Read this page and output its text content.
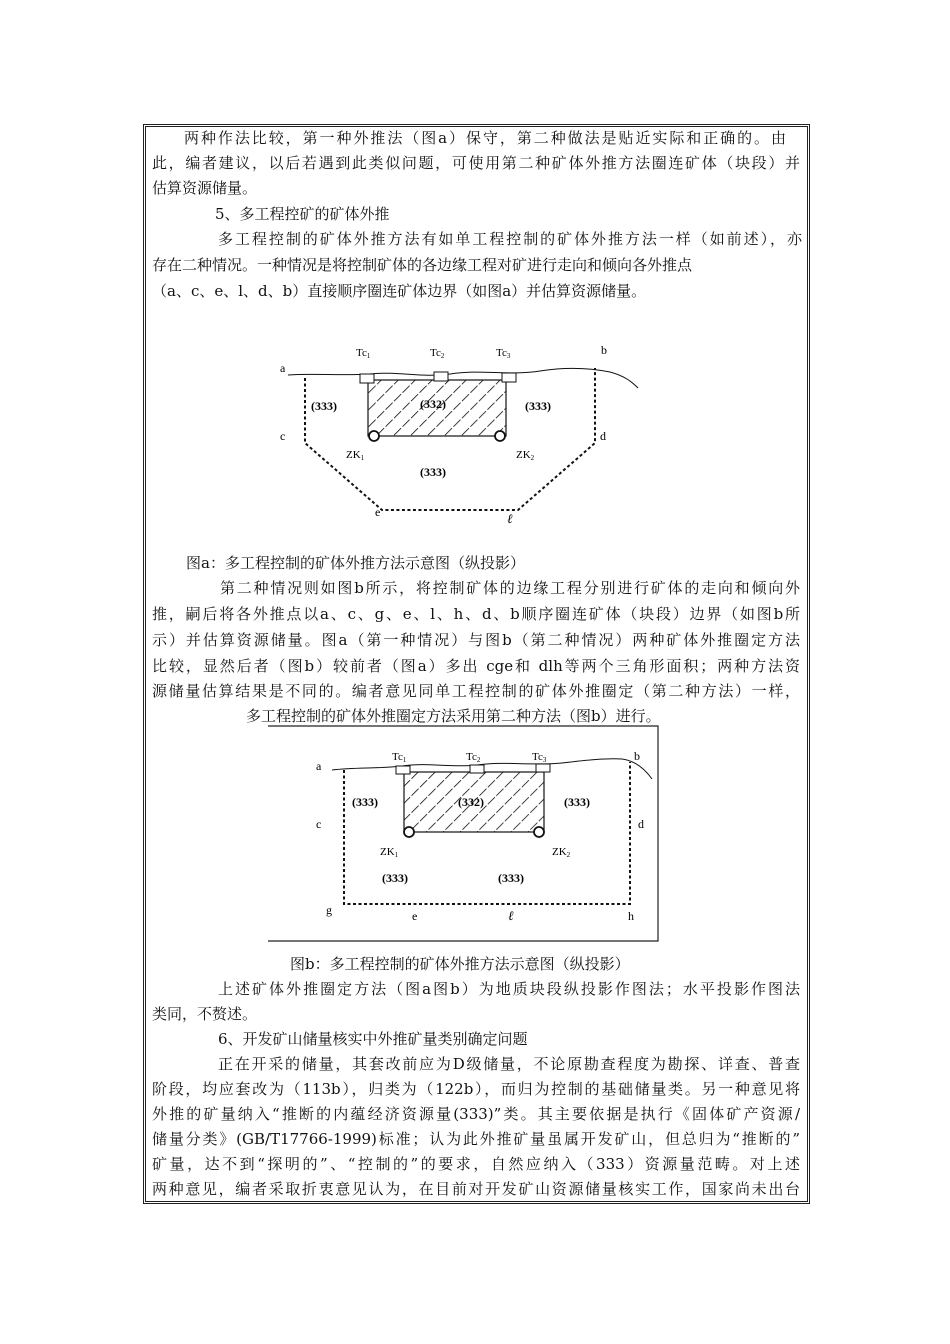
两种作法比较，第一种外推法（图a）保守，第二种做法是贴近实际和正确的。由

此，编者建议，以后若遇到此类似问题，可使用第二种矿体外推方法圈连矿体（块段）并

估算资源储量。

5、多工程控矿的矿体外推

多工程控制的矿体外推方法有如单工程控制的矿体外推方法一样（如前述），亦

存在二种情况。一种情况是将控制矿体的各边缘工程对矿进行走向和倾向各外推点

（a、c、e、l、d、b）直接顺序圈连矿体边界（如图a）并估算资源储量。

a
b
c	d
e	ℓ
Tc1	Tc2	Tc3
ZK1	ZK2
(333)	(332)	(333)
(333)

图a：多工程控制的矿体外推方法示意图（纵投影）

第二种情况则如图b所示，将控制矿体的边缘工程分别进行矿体的走向和倾向外

推，嗣后将各外推点以a、c、g、e、l、h、d、b顺序圈连矿体（块段）边界（如图b所

示）并估算资源储量。图a（第一种情况）与图b（第二种情况）两种矿体外推圈定方法

比较，显然后者（图b）较前者（图a）多出 cge和 dlh等两个三角形面积；两种方法资

源储量估算结果是不同的。编者意见同单工程控制的矿体外推圈定（第二种方法）一样，

多工程控制的矿体外推圈定方法采用第二种方法（图b）进行。

a
b
c	d
g	e	ℓ	h
Tc1	Tc2	Tc3
ZK1	ZK2
(333)	(332)	(333)
(333)	(333)

图b：多工程控制的矿体外推方法示意图（纵投影）

上述矿体外推圈定方法（图a图b）为地质块段纵投影作图法；水平投影作图法

类同，不赘述。

6、开发矿山储量核实中外推矿量类别确定问题

正在开采的储量，其套改前应为D级储量，不论原勘查程度为勘探、详查、普查

阶段，均应套改为（113b），归类为（122b），而归为控制的基础储量类。另一种意见将

外推的矿量纳入“推断的内蕴经济资源量(333)”类。其主要依据是执行《固体矿产资源/

储量分类》(GB/T17766-1999)标准；认为此外推矿量虽属开发矿山，但总归为“推断的”

矿量，达不到“探明的”、“控制的”的要求，自然应纳入（333）资源量范畴。对上述

两种意见，编者采取折衷意见认为，在目前对开发矿山资源储量核实工作，国家尚未出台
